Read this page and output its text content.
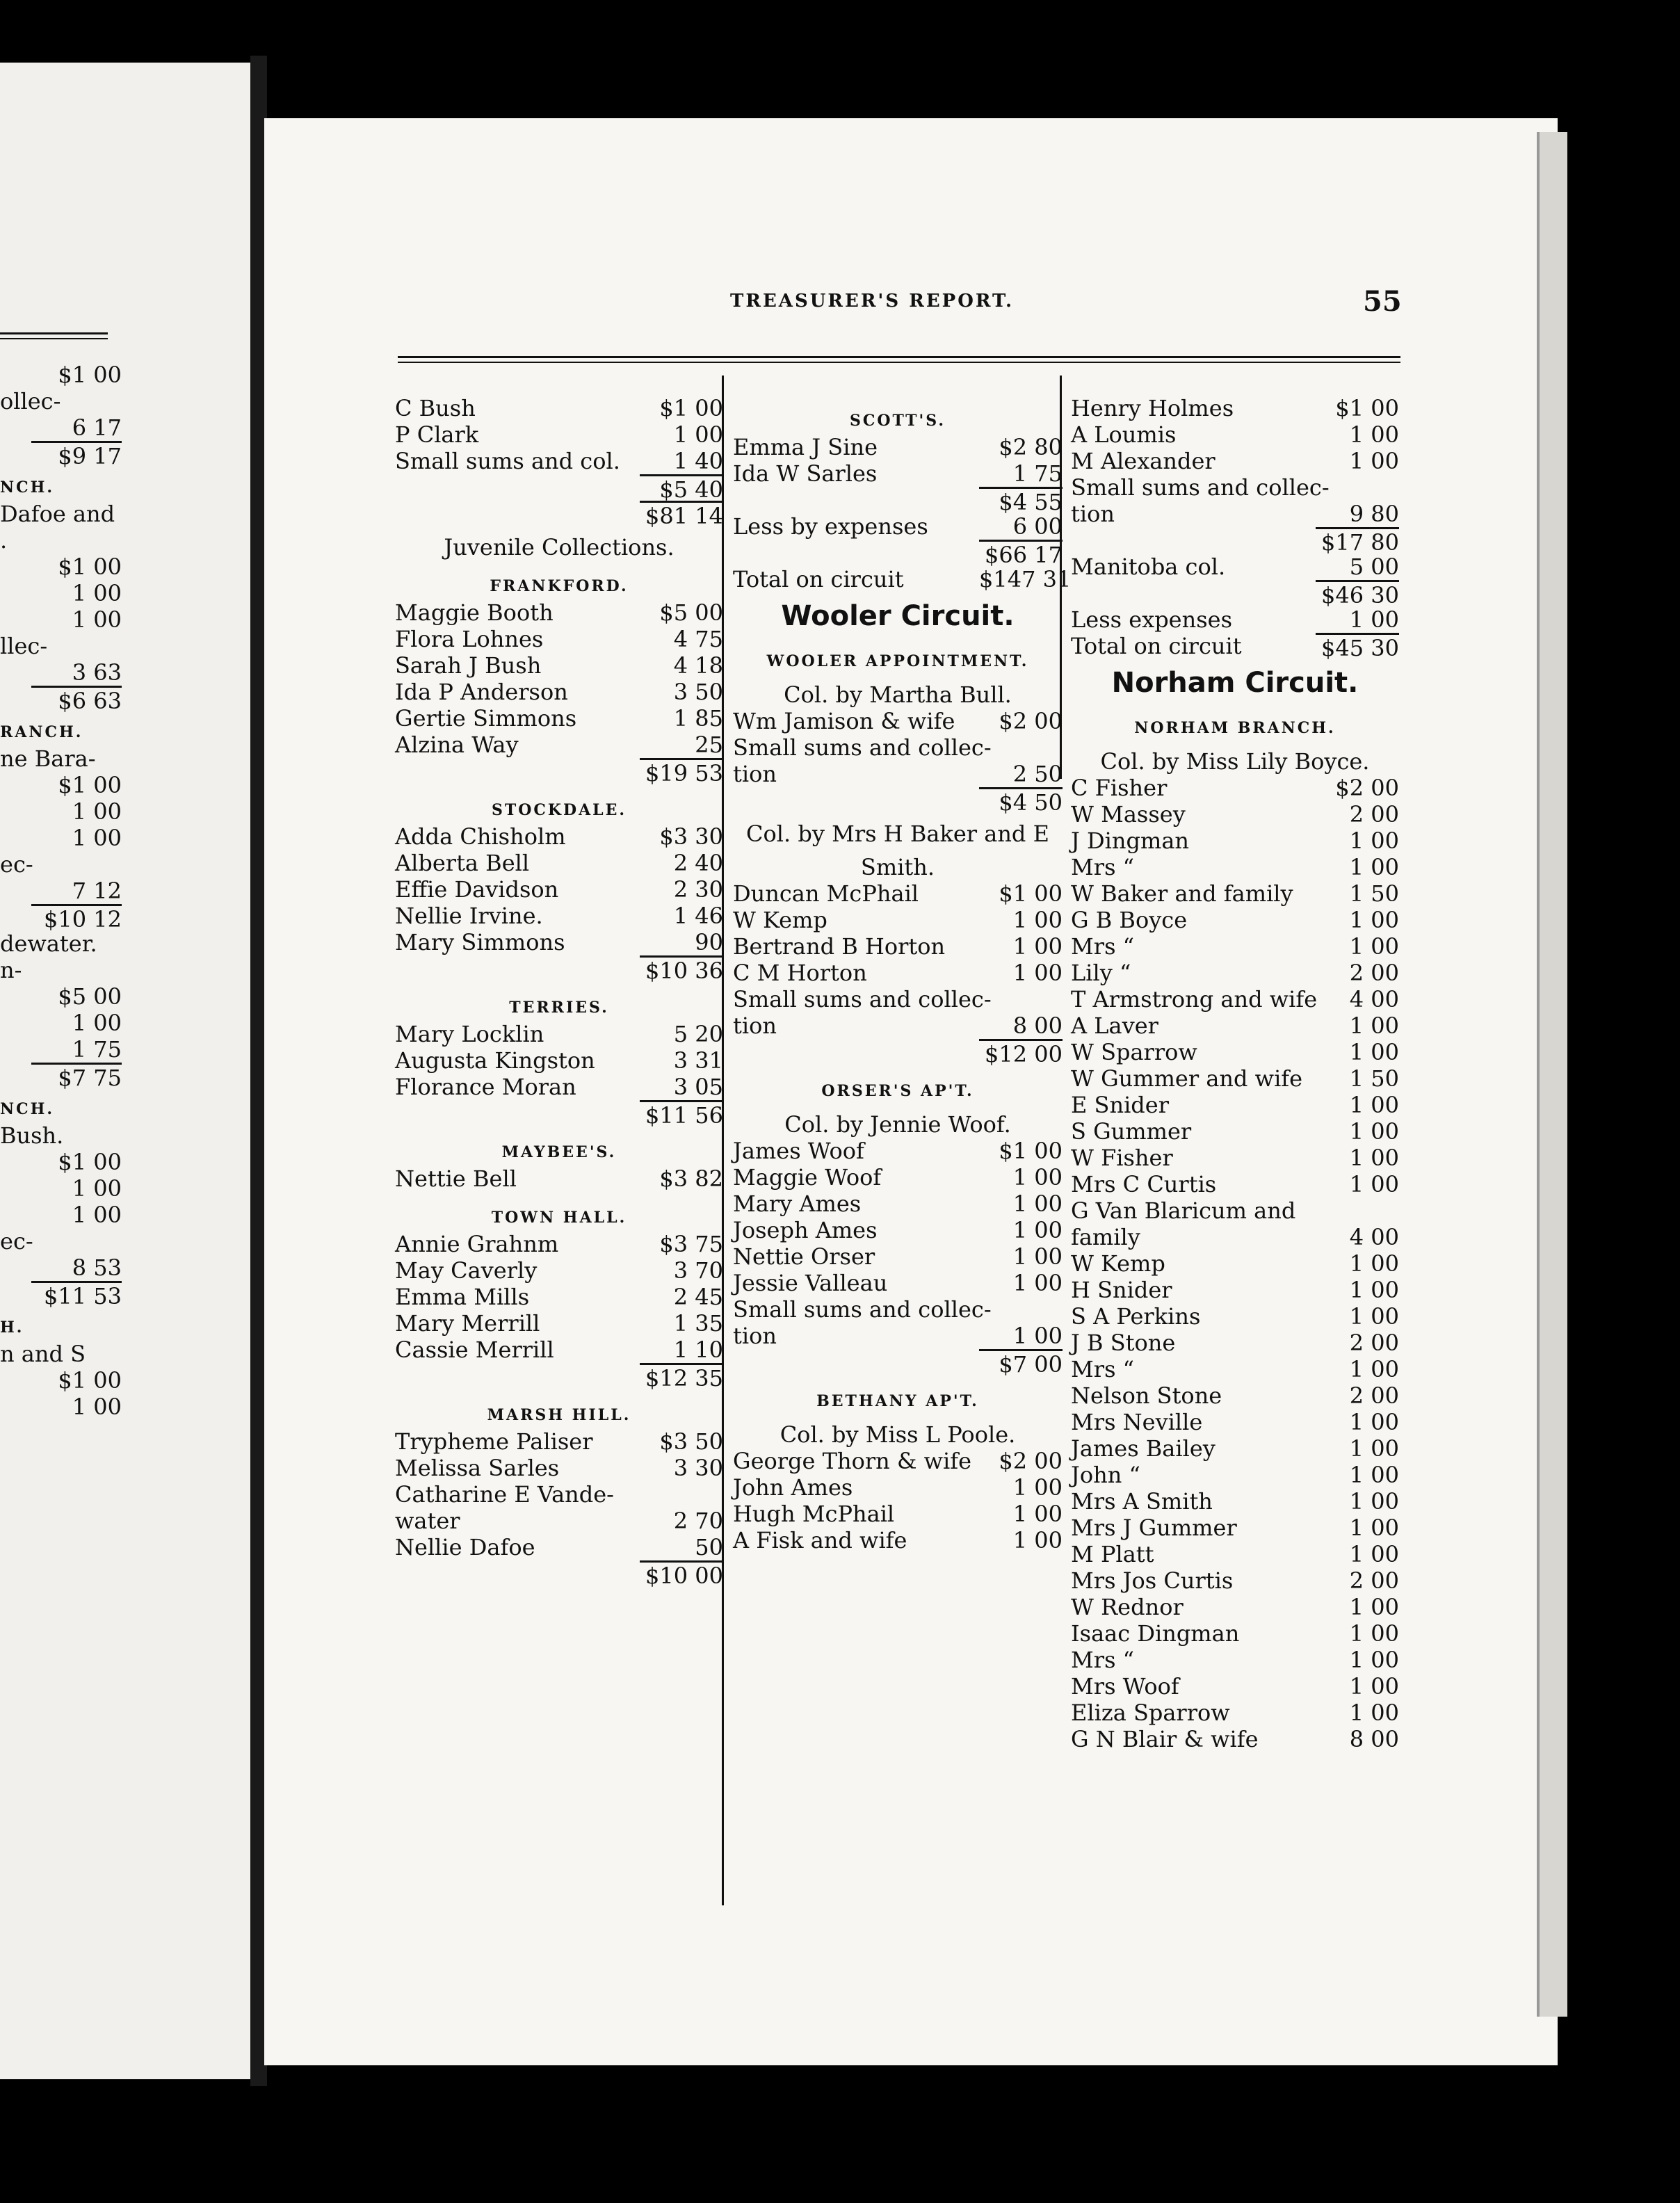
$1 00
ollec-
6 17
$9 17
NCH.
Dafoe and
.
$1 00
1 00
1 00
llec-
3 63
$6 63
RANCH.
ne Bara-
$1 00
1 00
1 00
ec-
7 12
$10 12
dewater.
n-
$5 00
1 00
1 75
$7 75
NCH.
Bush.
$1 00
1 00
1 00
ec-
8 53
$11 53
H.
n and S
$1 00
1 00
TREASURER'S REPORT.	55
C Bush	$1 00
P Clark	1 00
Small sums and col.	1 40
$5 40
$81 14
Juvenile Collections.
FRANKFORD.
Maggie Booth	$5 00
Flora Lohnes	4 75
Sarah J Bush	4 18
Ida P Anderson	3 50
Gertie Simmons	1 85
Alzina Way	25
$19 53
STOCKDALE.
Adda Chisholm	$3 30
Alberta Bell	2 40
Effie Davidson	2 30
Nellie Irvine.	1 46
Mary Simmons	90
$10 36
TERRIES.
Mary Locklin	5 20
Augusta Kingston	3 31
Florance Moran	3 05
$11 56
MAYBEE'S.
Nettie Bell	$3 82
TOWN HALL.
Annie Grahnm	$3 75
May Caverly	3 70
Emma Mills	2 45
Mary Merrill	1 35
Cassie Merrill	1 10
$12 35
MARSH HILL.
Trypheme Paliser	$3 50
Melissa Sarles	3 30
Catharine E Vande-
water	2 70
Nellie Dafoe	50
$10 00
SCOTT'S.
Emma J Sine	$2 80
Ida W Sarles	1 75
$4 55
Less by expenses	6 00
$66 17
Total on circuit	$147 31
Wooler Circuit.
WOOLER APPOINTMENT.
Col. by Martha Bull.
Wm Jamison & wife	$2 00
Small sums and collec-
tion	2 50
$4 50
Col. by Mrs H Baker and E
Smith.
Duncan McPhail	$1 00
W Kemp	1 00
Bertrand B Horton	1 00
C M Horton	1 00
Small sums and collec-
tion	8 00
$12 00
ORSER'S AP'T.
Col. by Jennie Woof.
James Woof	$1 00
Maggie Woof	1 00
Mary Ames	1 00
Joseph Ames	1 00
Nettie Orser	1 00
Jessie Valleau	1 00
Small sums and collec-
tion	1 00
$7 00
BETHANY AP'T.
Col. by Miss L Poole.
George Thorn & wife	$2 00
John Ames	1 00
Hugh McPhail	1 00
A Fisk and wife	1 00
Henry Holmes	$1 00
A Loumis	1 00
M Alexander	1 00
Small sums and collec-
tion	9 80
$17 80
Manitoba col.	5 00
$46 30
Less expenses	1 00
Total on circuit	$45 30
Norham Circuit.
NORHAM BRANCH.
Col. by Miss Lily Boyce.
C Fisher	$2 00
W Massey	2 00
J Dingman	1 00
Mrs “	1 00
W Baker and family	1 50
G B Boyce	1 00
Mrs “	1 00
Lily “	2 00
T Armstrong and wife	4 00
A Laver	1 00
W Sparrow	1 00
W Gummer and wife	1 50
E Snider	1 00
S Gummer	1 00
W Fisher	1 00
Mrs C Curtis	1 00
G Van Blaricum and
family	4 00
W Kemp	1 00
H Snider	1 00
S A Perkins	1 00
J B Stone	2 00
Mrs “	1 00
Nelson Stone	2 00
Mrs Neville	1 00
James Bailey	1 00
John “	1 00
Mrs A Smith	1 00
Mrs J Gummer	1 00
M Platt	1 00
Mrs Jos Curtis	2 00
W Rednor	1 00
Isaac Dingman	1 00
Mrs “	1 00
Mrs Woof	1 00
Eliza Sparrow	1 00
G N Blair & wife	8 00
